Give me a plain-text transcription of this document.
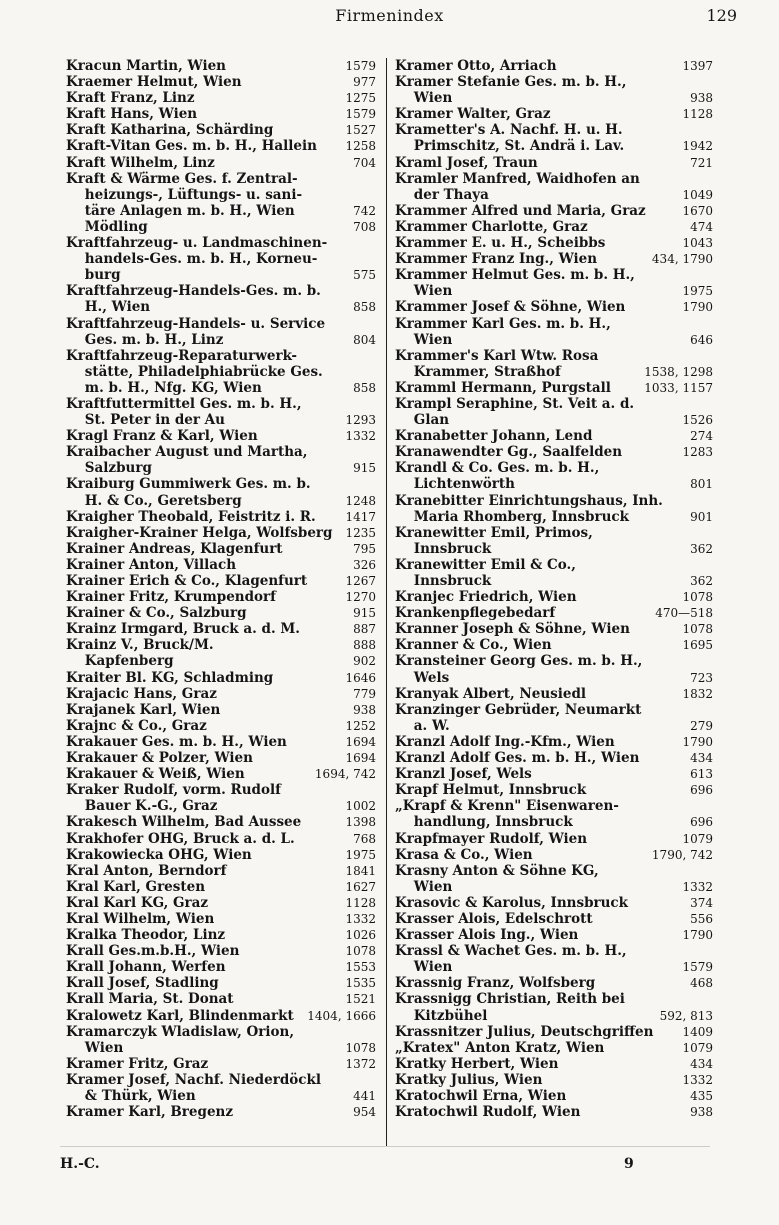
Firmenindex	129
Kracun Martin, Wien	1579
Kraemer Helmut, Wien	977
Kraft Franz, Linz	1275
Kraft Hans, Wien	1579
Kraft Katharina, Schärding	1527
Kraft-Vitan Ges. m. b. H., Hallein	1258
Kraft Wilhelm, Linz	704
Kraft & Wärme Ges. f. Zentral-
heizungs-, Lüftungs- u. sani-
täre Anlagen m. b. H., Wien	742
Mödling	708
Kraftfahrzeug- u. Landmaschinen-
handels-Ges. m. b. H., Korneu-
burg	575
Kraftfahrzeug-Handels-Ges. m. b.
H., Wien	858
Kraftfahrzeug-Handels- u. Service
Ges. m. b. H., Linz	804
Kraftfahrzeug-Reparaturwerk-
stätte, Philadelphiabrücke Ges.
m. b. H., Nfg. KG, Wien	858
Kraftfuttermittel Ges. m. b. H.,
St. Peter in der Au	1293
Kragl Franz & Karl, Wien	1332
Kraibacher August und Martha,
Salzburg	915
Kraiburg Gummiwerk Ges. m. b.
H. & Co., Geretsberg	1248
Kraigher Theobald, Feistritz i. R.	1417
Kraigher-Krainer Helga, Wolfsberg	1235
Krainer Andreas, Klagenfurt	795
Krainer Anton, Villach	326
Krainer Erich & Co., Klagenfurt	1267
Krainer Fritz, Krumpendorf	1270
Krainer & Co., Salzburg	915
Krainz Irmgard, Bruck a. d. M.	887
Krainz V., Bruck/M.	888
Kapfenberg	902
Kraiter Bl. KG, Schladming	1646
Krajacic Hans, Graz	779
Krajanek Karl, Wien	938
Krajnc & Co., Graz	1252
Krakauer Ges. m. b. H., Wien	1694
Krakauer & Polzer, Wien	1694
Krakauer & Weiß, Wien	1694, 742
Kraker Rudolf, vorm. Rudolf
Bauer K.-G., Graz	1002
Krakesch Wilhelm, Bad Aussee	1398
Krakhofer OHG, Bruck a. d. L.	768
Krakowiecka OHG, Wien	1975
Kral Anton, Berndorf	1841
Kral Karl, Gresten	1627
Kral Karl KG, Graz	1128
Kral Wilhelm, Wien	1332
Kralka Theodor, Linz	1026
Krall Ges.m.b.H., Wien	1078
Krall Johann, Werfen	1553
Krall Josef, Stadling	1535
Krall Maria, St. Donat	1521
Kralowetz Karl, Blindenmarkt	1404, 1666
Kramarczyk Wladislaw, Orion,
Wien	1078
Kramer Fritz, Graz	1372
Kramer Josef, Nachf. Niederdöckl
& Thürk, Wien	441
Kramer Karl, Bregenz	954
Kramer Otto, Arriach	1397
Kramer Stefanie Ges. m. b. H.,
Wien	938
Kramer Walter, Graz	1128
Krametter's A. Nachf. H. u. H.
Primschitz, St. Andrä i. Lav.	1942
Kraml Josef, Traun	721
Kramler Manfred, Waidhofen an
der Thaya	1049
Krammer Alfred und Maria, Graz	1670
Krammer Charlotte, Graz	474
Krammer E. u. H., Scheibbs	1043
Krammer Franz Ing., Wien	434, 1790
Krammer Helmut Ges. m. b. H.,
Wien	1975
Krammer Josef & Söhne, Wien	1790
Krammer Karl Ges. m. b. H.,
Wien	646
Krammer's Karl Wtw. Rosa
Krammer, Straßhof	1538, 1298
Kramml Hermann, Purgstall	1033, 1157
Krampl Seraphine, St. Veit a. d.
Glan	1526
Kranabetter Johann, Lend	274
Kranawendter Gg., Saalfelden	1283
Krandl & Co. Ges. m. b. H.,
Lichtenwörth	801
Kranebitter Einrichtungshaus, Inh.
Maria Rhomberg, Innsbruck	901
Kranewitter Emil, Primos,
Innsbruck	362
Kranewitter Emil & Co.,
Innsbruck	362
Kranjec Friedrich, Wien	1078
Krankenpflegebedarf	470—518
Kranner Joseph & Söhne, Wien	1078
Kranner & Co., Wien	1695
Kransteiner Georg Ges. m. b. H.,
Wels	723
Kranyak Albert, Neusiedl	1832
Kranzinger Gebrüder, Neumarkt
a. W.	279
Kranzl Adolf Ing.-Kfm., Wien	1790
Kranzl Adolf Ges. m. b. H., Wien	434
Kranzl Josef, Wels	613
Krapf Helmut, Innsbruck	696
„Krapf & Krenn" Eisenwaren-
handlung, Innsbruck	696
Krapfmayer Rudolf, Wien	1079
Krasa & Co., Wien	1790, 742
Krasny Anton & Söhne KG,
Wien	1332
Krasovic & Karolus, Innsbruck	374
Krasser Alois, Edelschrott	556
Krasser Alois Ing., Wien	1790
Krassl & Wachet Ges. m. b. H.,
Wien	1579
Krassnig Franz, Wolfsberg	468
Krassnigg Christian, Reith bei
Kitzbühel	592, 813
Krassnitzer Julius, Deutschgriffen	1409
„Kratex" Anton Kratz, Wien	1079
Kratky Herbert, Wien	434
Kratky Julius, Wien	1332
Kratochwil Erna, Wien	435
Kratochwil Rudolf, Wien	938
H.-C.	9
